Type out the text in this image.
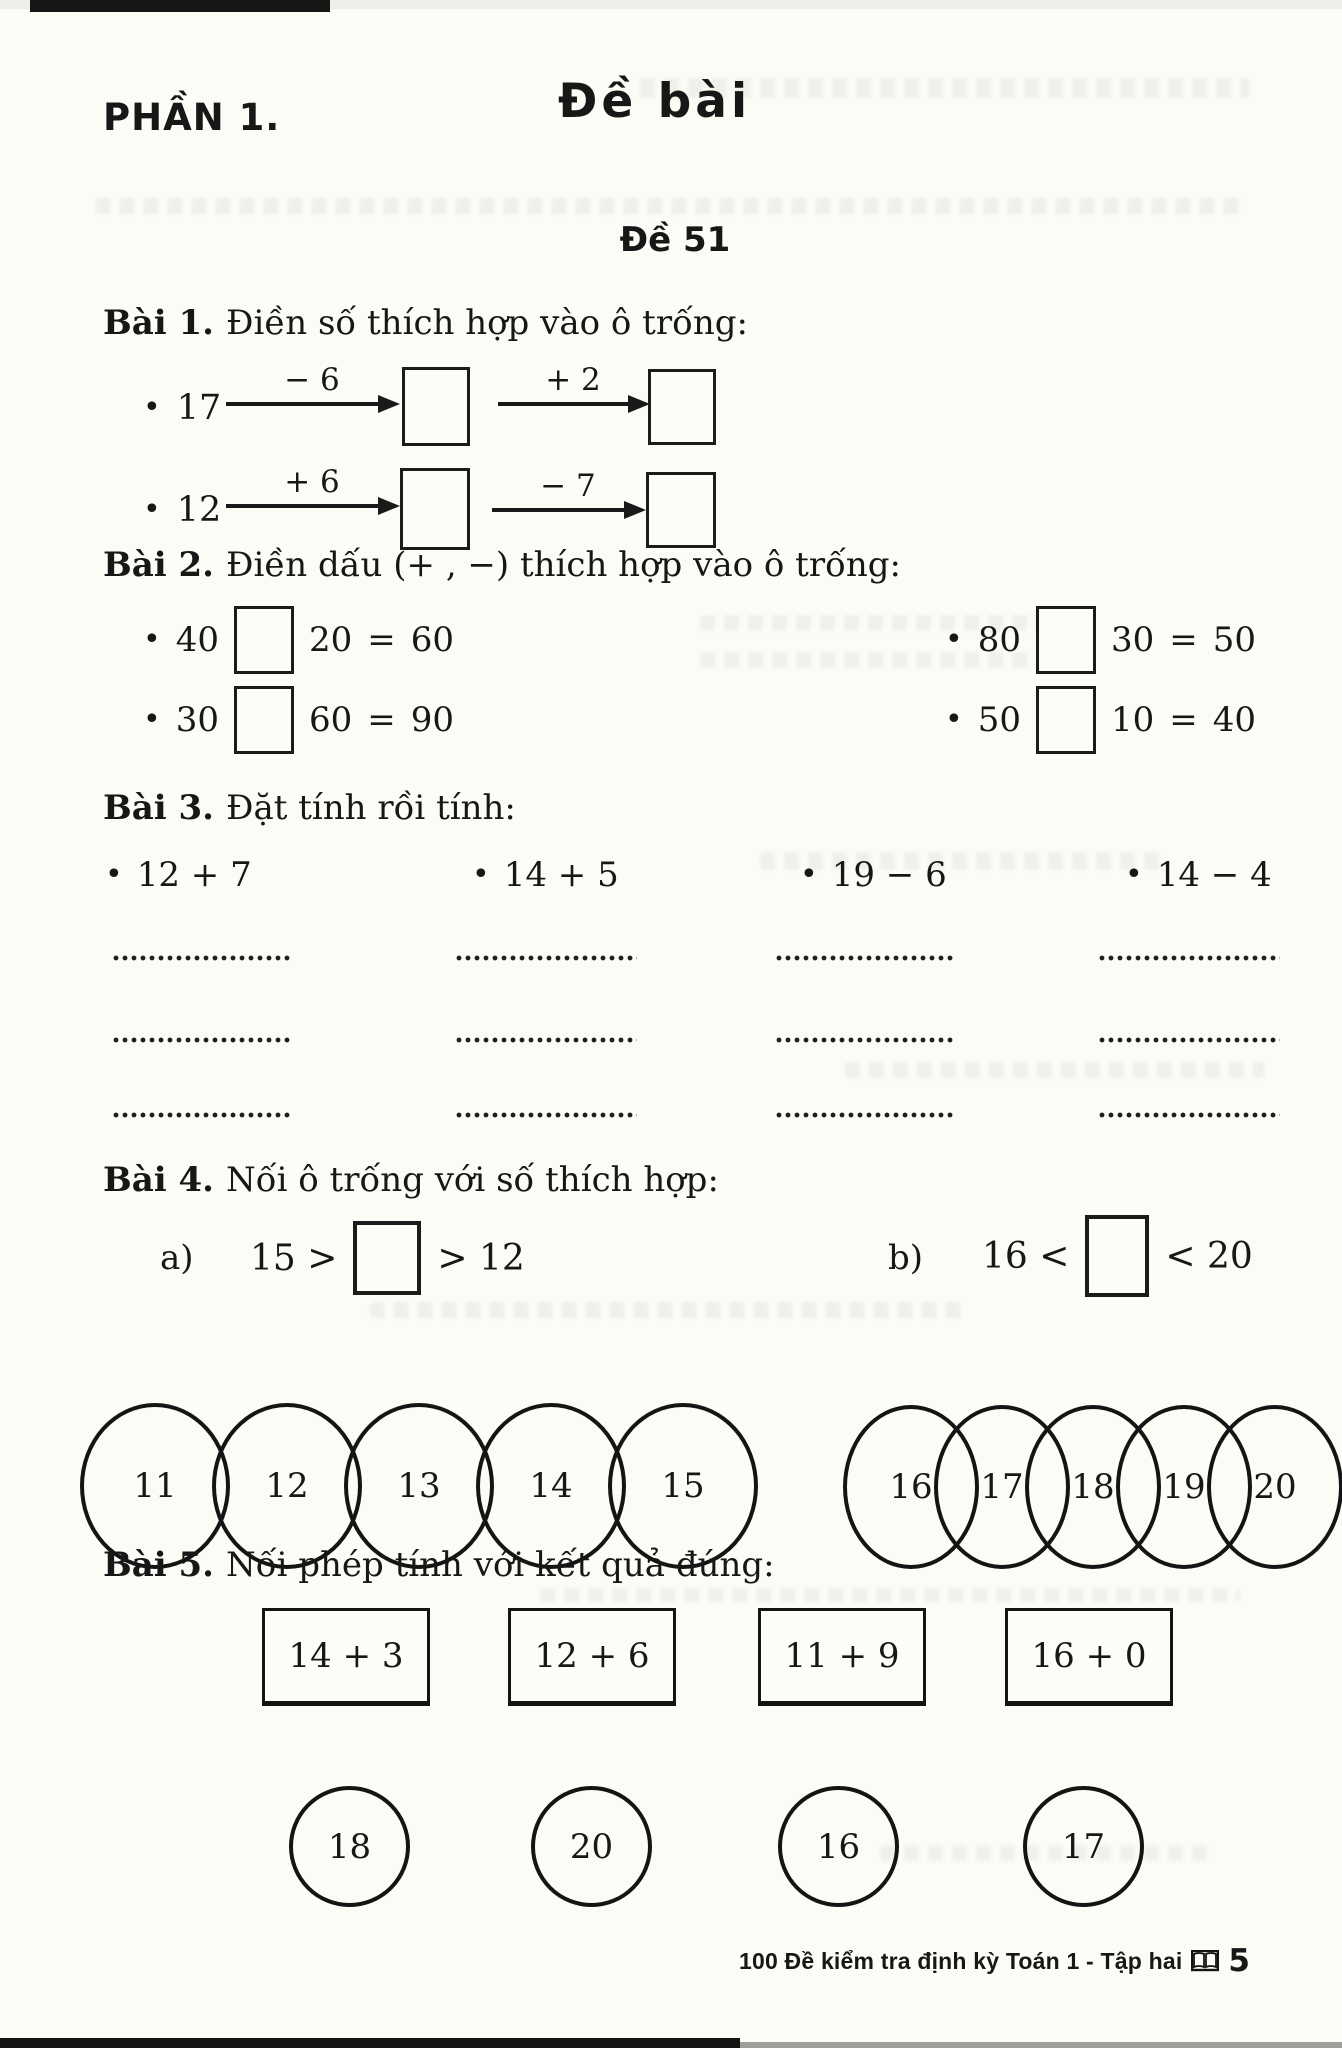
PHẦN 1.	Đề bài
Đề 51
Bài 1. Điền số thích hợp vào ô trống:
• 17
− 6	+ 2
• 12
+ 6	− 7
Bài 2. Điền dấu (+ , −) thích hợp vào ô trống:
• 40	20 = 60	• 80	30 = 50
• 30	60 = 90	• 50	10 = 40
Bài 3. Đặt tính rồi tính:
• 12 + 7	• 14 + 5	• 19 − 6	• 14 − 4
Bài 4. Nối ô trống với số thích hợp:
a) 15 >	> 12	b) 16 <	< 20
11	12	13	14	15	16 17 18 19 20
Bài 5. Nối phép tính với kết quả đúng:
14 + 3	12 + 6	11 + 9	16 + 0
18	20	16	17
100 Đề kiểm tra định kỳ Toán 1 - Tập hai 5
